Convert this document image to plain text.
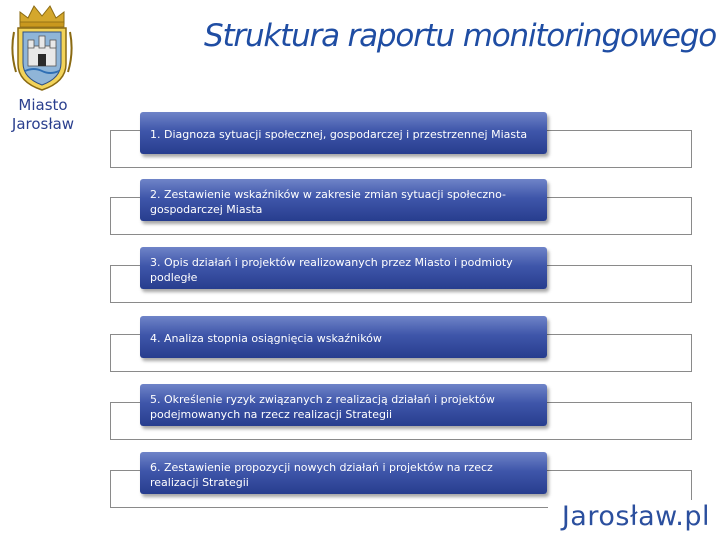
Miasto
Jarosław
Struktura raportu monitoringowego
1. Diagnoza sytuacji społecznej, gospodarczej i przestrzennej Miasta
2. Zestawienie wskaźników w zakresie zmian sytuacji społeczno-gospodarczej Miasta
3. Opis działań i projektów realizowanych przez Miasto i podmioty podległe
4. Analiza stopnia osiągnięcia wskaźników
5. Określenie ryzyk związanych z realizacją działań i projektów podejmowanych na rzecz realizacji Strategii
6. Zestawienie propozycji nowych działań i projektów na rzecz realizacji Strategii
Jarosław.pl
